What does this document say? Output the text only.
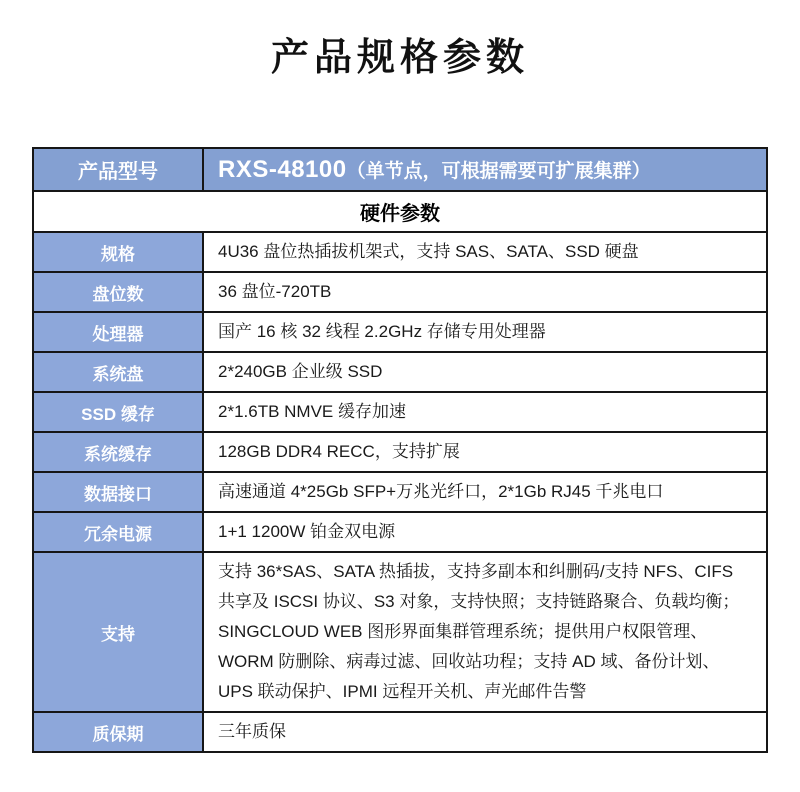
产品规格参数
产品型号	RXS-48100（单节点，可根据需要可扩展集群）
硬件参数	
规格	4U36 盘位热插拔机架式，支持 SAS、SATA、SSD 硬盘
盘位数	36 盘位-720TB
处理器	国产 16 核 32 线程 2.2GHz 存储专用处理器
系统盘	2*240GB 企业级 SSD
SSD 缓存	2*1.6TB NMVE 缓存加速
系统缓存	128GB DDR4 RECC，支持扩展
数据接口	高速通道 4*25Gb SFP+万兆光纤口，2*1Gb RJ45 千兆电口
冗余电源	1+1 1200W 铂金双电源
支持	支持 36*SAS、SATA 热插拔，支持多副本和纠删码/支持 NFS、CIFS 共享及 ISCSI 协议、S3 对象，支持快照；支持链路聚合、负载均衡；SINGCLOUD WEB 图形界面集群管理系统；提供用户权限管理、WORM 防删除、病毒过滤、回收站功程；支持 AD 域、备份计划、UPS 联动保护、IPMI 远程开关机、声光邮件告警
质保期	三年质保
